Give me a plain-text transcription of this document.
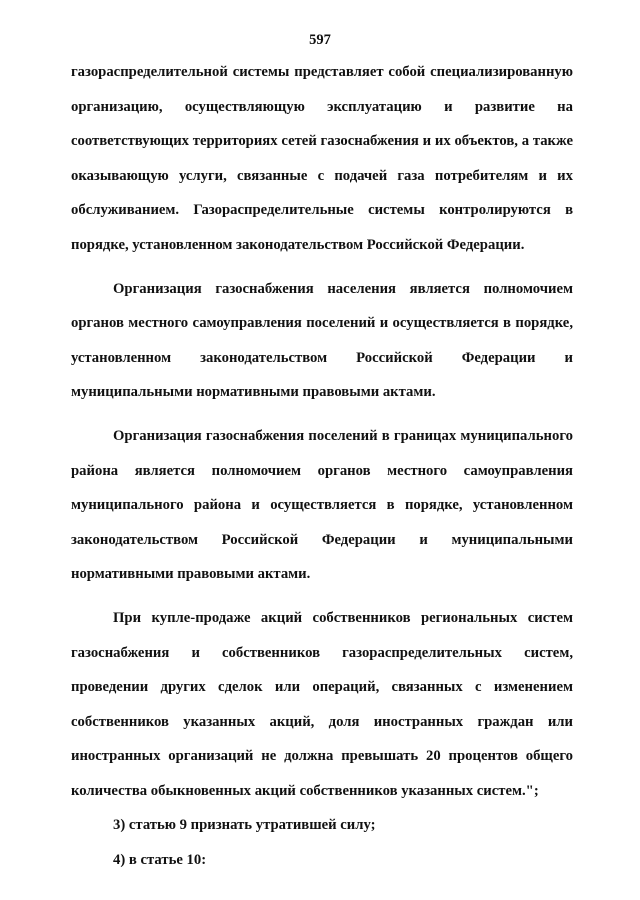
597

газораспределительной системы представляет собой специализированную организацию, осуществляющую эксплуатацию и развитие на соответствующих территориях сетей газоснабжения и их объектов, а также оказывающую услуги, связанные с подачей газа потребителям и их обслуживанием. Газораспределительные системы контролируются в порядке, установленном законодательством Российской Федерации.

Организация газоснабжения населения является полномочием органов местного самоуправления поселений и осуществляется в порядке, установленном законодательством Российской Федерации и муниципальными нормативными правовыми актами.

Организация газоснабжения поселений в границах муниципального района является полномочием органов местного самоуправления муниципального района и осуществляется в порядке, установленном законодательством Российской Федерации и муниципальными нормативными правовыми актами.

При купле-продаже акций собственников региональных систем газоснабжения и собственников газораспределительных систем, проведении других сделок или операций, связанных с изменением собственников указанных акций, доля иностранных граждан или иностранных организаций не должна превышать 20 процентов общего количества обыкновенных акций собственников указанных систем.";

3) статью 9 признать утратившей силу;

4) в статье 10:
